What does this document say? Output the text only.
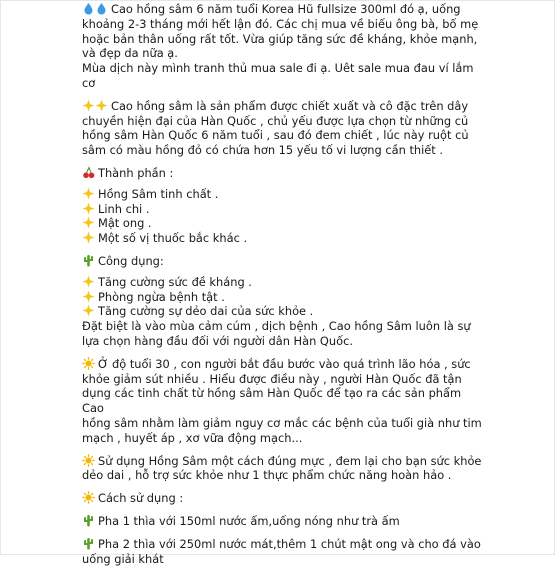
Cao hồng sâm 6 năm tuổi Korea Hũ fullsize 300ml đó ạ, uống

khoảng 2-3 tháng mới hết lận đó. Các chị mua về biếu ông bà, bố mẹ

hoặc bản thân uống rất tốt. Vừa giúp tăng sức đề kháng, khỏe mạnh,

và đẹp da nữa ạ.

Mùa dịch này mình tranh thủ mua sale đi ạ. Uêt sale mua đau ví lắm

cơ

Cao hồng sâm là sản phẩm được chiết xuất và cô đặc trên dây

chuyền hiện đại của Hàn Quốc , chủ yếu được lựa chọn từ những củ

hồng sâm Hàn Quốc 6 năm tuổi , sau đó đem chiết , lúc này ruột củ

sâm có màu hồng đỏ có chứa hơn 15 yếu tố vi lượng cần thiết .

Thành phần :

Hồng Sâm tinh chất .

Linh chi .

Mật ong .

Một số vị thuốc bắc khác .

Công dụng:

Tăng cường sức đề kháng .

Phòng ngừa bệnh tật .

Tăng cường sự dẻo dai của sức khỏe .

Đặt biệt là vào mùa cảm cúm , dịch bệnh , Cao hồng Sâm luôn là sự

lựa chọn hàng đầu đối với người dân Hàn Quốc.

Ở độ tuổi 30 , con người bắt đầu bước vào quá trình lão hóa , sức

khỏe giảm sút nhiều . Hiểu được điều này , người Hàn Quốc đã tận

dụng các tinh chất từ hồng sâm Hàn Quốc để tạo ra các sản phẩm Cao

hồng sâm nhằm làm giảm nguy cơ mắc các bệnh của tuổi già như tim

mạch , huyết áp , xơ vữa động mạch...

Sử dụng Hồng Sâm một cách đúng mực , đem lại cho bạn sức khỏe

dẻo dai , hỗ trợ sức khỏe như 1 thực phẩm chức năng hoàn hảo .

Cách sử dụng :

Pha 1 thìa với 150ml nước ấm,uống nóng như trà ấm

Pha 2 thìa với 250ml nước mát,thêm 1 chút mật ong và cho đá vào

uống giải khát
